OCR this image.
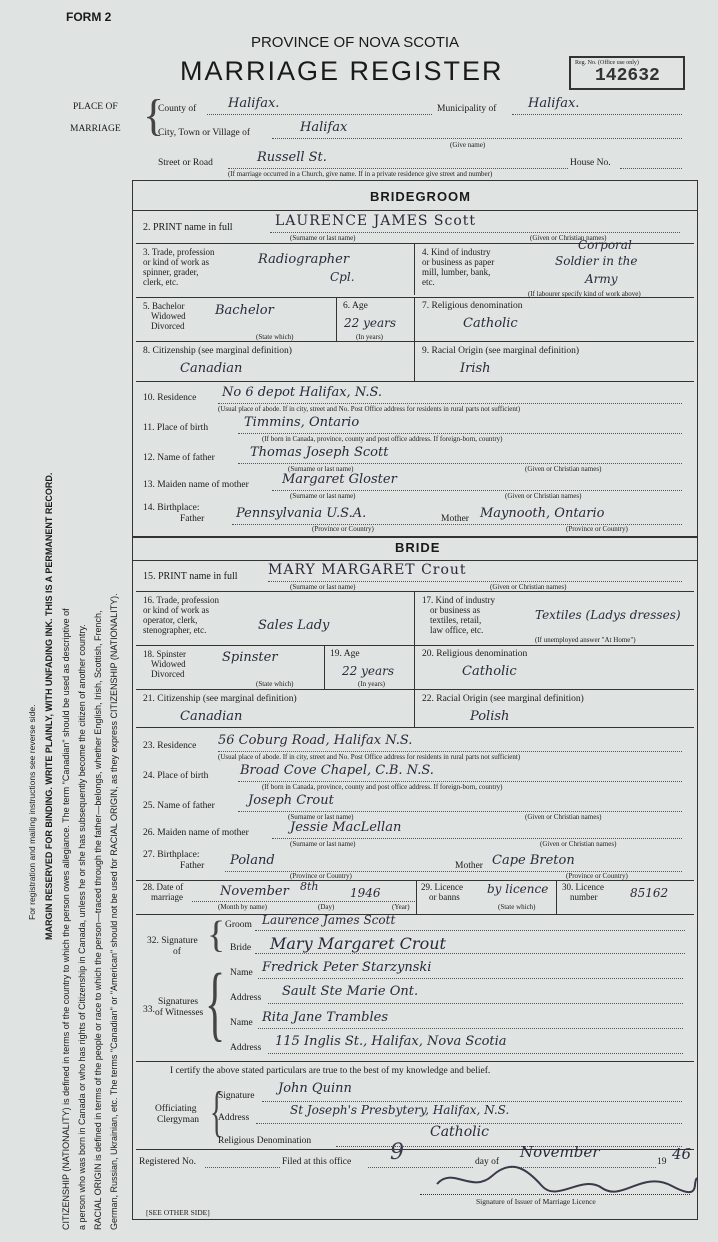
FORM 2
PROVINCE OF NOVA SCOTIA
MARRIAGE REGISTER	Reg. No. (Office use only)
142632
PLACE OF
MARRIAGE {
County of Halifax.	Municipality of Halifax.
City, Town or Village of	Halifax
(Give name)
Street or Road	Russell St.	House No.
(If marriage occurred in a Church, give name. If in a private residence give street and number)
BRIDEGROOM
2. PRINT name in full	LAURENCE JAMES Scott
(Surname or last name)	(Given or Christian names)
3. Trade, profession
or kind of work as
spinner, grader,
clerk, etc.
Radiographer
Cpl.
4. Kind of industry
or business as paper
mill, lumber, bank,
etc.
Corporal
Soldier in the
Army
(If labourer specify kind of work above)
5. Bachelor
Widowed
Divorced
Bachelor
(State which)
6. Age
22 years
(In years)
7. Religious denomination
Catholic
8. Citizenship (see marginal definition)
Canadian
9. Racial Origin (see marginal definition)
Irish
10. Residence No 6 depot Halifax, N.S.
(Usual place of abode. If in city, street and No. Post Office address for residents in rural parts not sufficient)
11. Place of birth	Timmins, Ontario
(If born in Canada, province, county and post office address. If foreign-born, country)
12. Name of father	Thomas Joseph Scott
(Surname or last name)	(Given or Christian names)
13. Maiden name of mother	Margaret Gloster
(Surname or last name)	(Given or Christian names)
14. Birthplace:
Father Pennsylvania U.S.A.	Mother Maynooth, Ontario
(Province or Country)	(Province or Country)
BRIDE
15. PRINT name in full MARY MARGARET Crout
(Surname or last name)	(Given or Christian names)
16. Trade, profession
or kind of work as
operator, clerk,
stenographer, etc.	Sales Lady
17. Kind of industry
or business as
textiles, retail,
law office, etc.
Textiles (Ladys dresses)
(If unemployed answer "At Home")
18. Spinster
Widowed
Divorced
Spinster
(State which)
19. Age
22 years
(In years)
20. Religious denomination
Catholic
21. Citizenship (see marginal definition)
Canadian
22. Racial Origin (see marginal definition)
Polish
23. Residence 56 Coburg Road, Halifax N.S.
(Usual place of abode. If in city, street and No. Post Office address for residents in rural parts not sufficient)
24. Place of birth Broad Cove Chapel, C.B. N.S.
(If born in Canada, province, county and post office address. If foreign-born, country)
25. Name of father	Joseph Crout
(Surname or last name)	(Given or Christian names)
26. Maiden name of mother	Jessie MacLellan
(Surname or last name)	(Given or Christian names)
27. Birthplace:
Father Poland	Mother Cape Breton
(Province or Country)	(Province or Country)
28. Date of
marriage	November 8th	1946
(Month by name)	(Day)	(Year)
29. Licence
or banns
by licence
(State which)
30. Licence
number	85162
32. Signature
of { Groom Laurence James Scott
Bride Mary Margaret Crout
Signatures
of Witnesses
33. { Name Fredrick Peter Starzynski
Address Sault Ste Marie Ont.
Name Rita Jane Trambles
Address 115 Inglis St., Halifax, Nova Scotia
I certify the above stated particulars are true to the best of my knowledge and belief.
Officiating
Clergyman {
Signature John Quinn
Address
St Joseph's Presbytery, Halifax, N.S.
Religious Denomination
Catholic
Registered No.	Filed at this office 9	day of
November
19 46
Signature of Issuer of Marriage Licence
[SEE OTHER SIDE]
For registration and mailing instructions see reverse side. MARGIN RESERVED FOR BINDING. WRITE PLAINLY, WITH UNFADING INK. THIS IS A PERMANENT RECORD. CITIZENSHIP (NATIONALITY) is defined in terms of the country to which the person owes allegiance. The term "Canadian" should be used as descriptive of a person who was born in Canada or who has rights of Citizenship in Canada, unless he or she has subsequently become the citizen of another country. RACIAL ORIGIN is defined in terms of the people or race to which the person—traced through the father—belongs, whether English, Irish, Scottish, French, German, Russian, Ukrainian, etc. The terms "Canadian" or "American" should not be used for RACIAL ORIGIN, as they express CITIZENSHIP (NATIONALITY).
